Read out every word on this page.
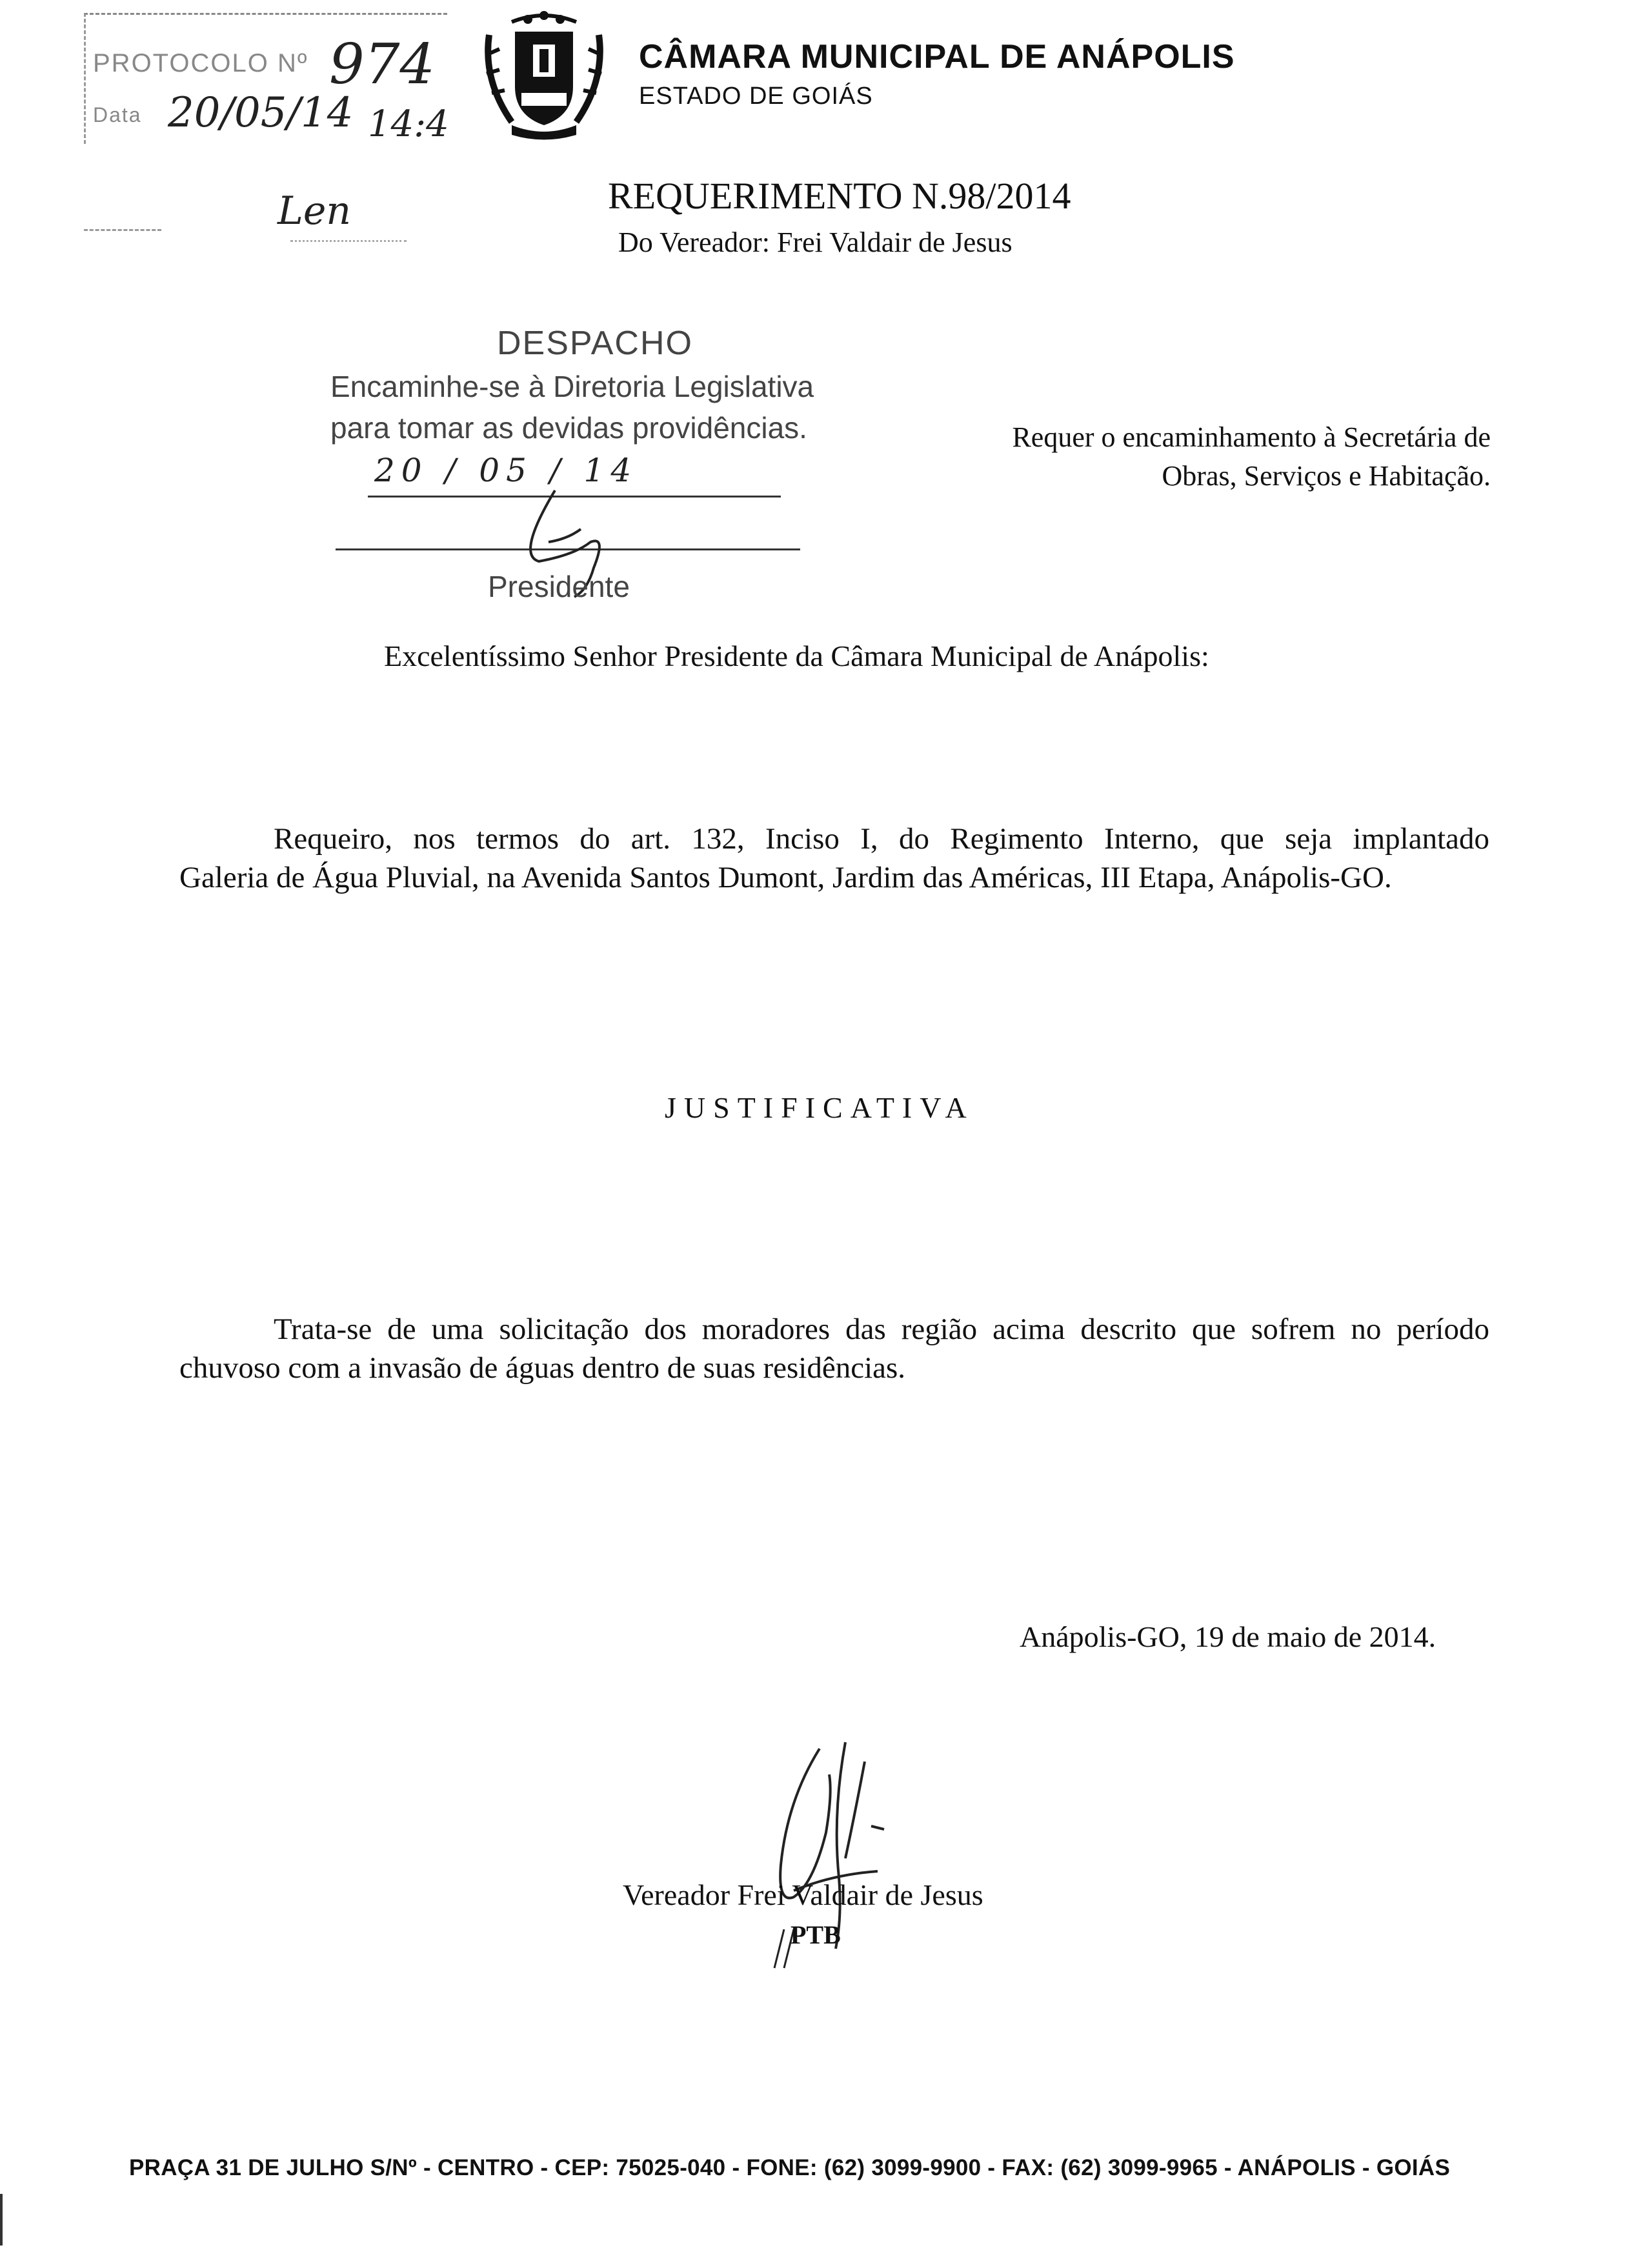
PROTOCOLO Nº 974
Data 20/05/14 14:4
Len
CÂMARA MUNICIPAL DE ANÁPOLIS
ESTADO DE GOIÁS
REQUERIMENTO N.98/2014
Do Vereador: Frei Valdair de Jesus
DESPACHO
Encaminhe-se à Diretoria Legislativa
para tomar as devidas providências.
20 / 05 / 14
Presidente
Requer o encaminhamento à Secretária de
Obras, Serviços e Habitação.
Excelentíssimo Senhor Presidente da Câmara Municipal de Anápolis:
Requeiro, nos termos do art. 132, Inciso I, do Regimento Interno, que seja implantado
Galeria de Água Pluvial, na Avenida Santos Dumont, Jardim das Américas, III Etapa, Anápolis-GO.
JUSTIFICATIVA
Trata-se de uma solicitação dos moradores das região acima descrito que sofrem no período
chuvoso com a invasão de águas dentro de suas residências.
Anápolis-GO, 19 de maio de 2014.
Vereador Frei Valdair de Jesus
PTB
PRAÇA 31 DE JULHO S/Nº - CENTRO - CEP: 75025-040 - FONE: (62) 3099-9900 - FAX: (62) 3099-9965 - ANÁPOLIS - GOIÁS
